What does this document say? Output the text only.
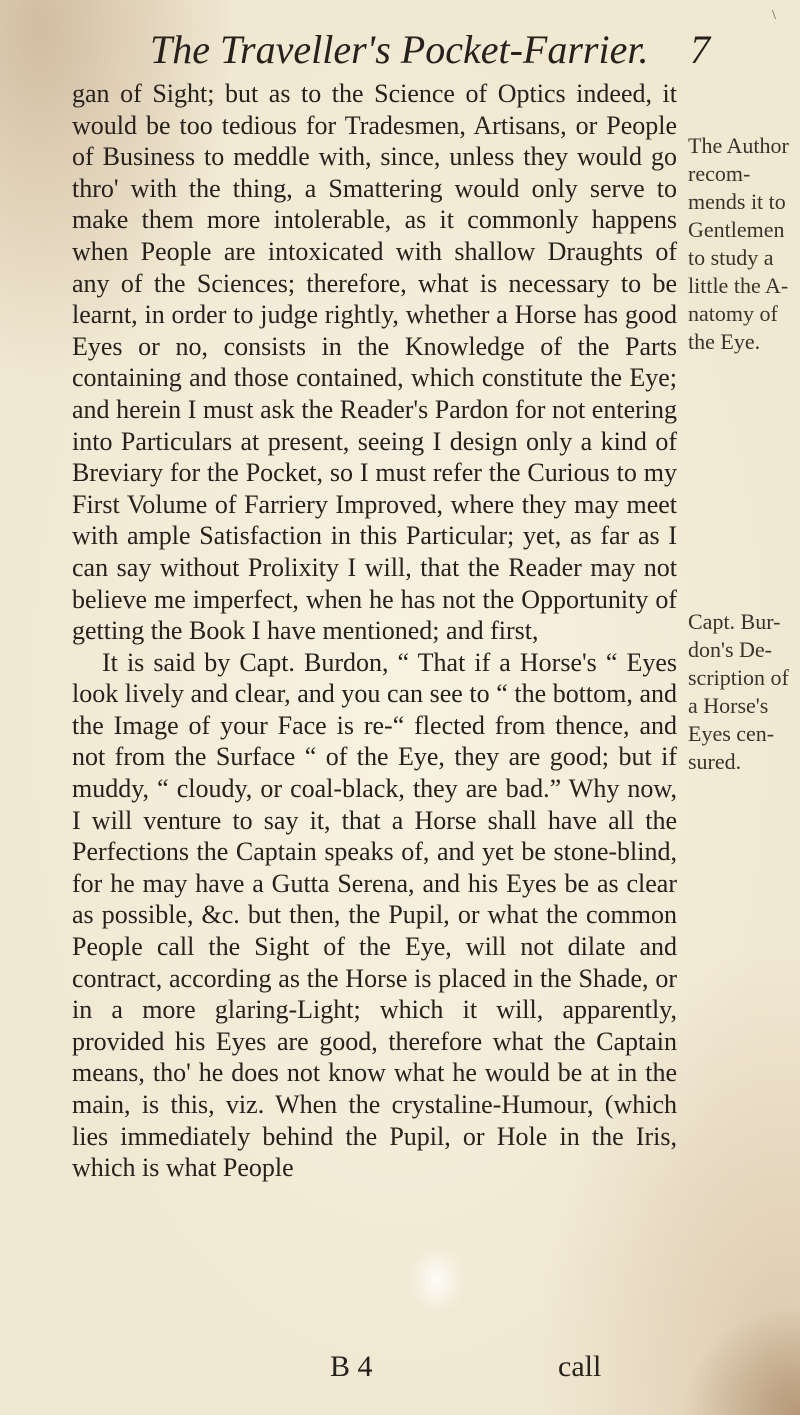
\
The Traveller's Pocket-Farrier. 7

gan of Sight; but as to the Science of Optics indeed, it would be too tedious for Tradesmen, Artisans, or People of Business to meddle with, since, unless they would go thro' with the thing, a Smattering would only serve to make them more intolerable, as it commonly happens when People are intoxicated with shallow Draughts of any of the Sciences; therefore, what is necessary to be learnt, in order to judge rightly, whether a Horse has good Eyes or no, consists in the Knowledge of the Parts containing and those contained, which constitute the Eye; and herein I must ask the Reader's Pardon for not entering into Particulars at present, seeing I design only a kind of Breviary for the Pocket, so I must refer the Curious to my First Volume of Farriery Improved, where they may meet with ample Satisfaction in this Particular; yet, as far as I can say without Prolixity I will, that the Reader may not believe me imperfect, when he has not the Opportunity of getting the Book I have mentioned; and first,

It is said by Capt. Burdon, “ That if a Horse's “ Eyes look lively and clear, and you can see to “ the bottom, and the Image of your Face is re-“ flected from thence, and not from the Surface “ of the Eye, they are good; but if muddy, “ cloudy, or coal-black, they are bad.” Why now, I will venture to say it, that a Horse shall have all the Perfections the Captain speaks of, and yet be stone-blind, for he may have a Gutta Serena, and his Eyes be as clear as possible, &c. but then, the Pupil, or what the common People call the Sight of the Eye, will not dilate and contract, according as the Horse is placed in the Shade, or in a more glaring-Light; which it will, apparently, provided his Eyes are good, therefore what the Captain means, tho' he does not know what he would be at in the main, is this, viz. When the crystaline-Humour, (which lies immediately behind the Pupil, or Hole in the Iris, which is what People

The Author recom-
mends it to
Gentlemen
to study a
little the A-
natomy of
the Eye.
Capt. Bur-
don's De-
scription of
a Horse's
Eyes cen-
sured.
B 4	call
